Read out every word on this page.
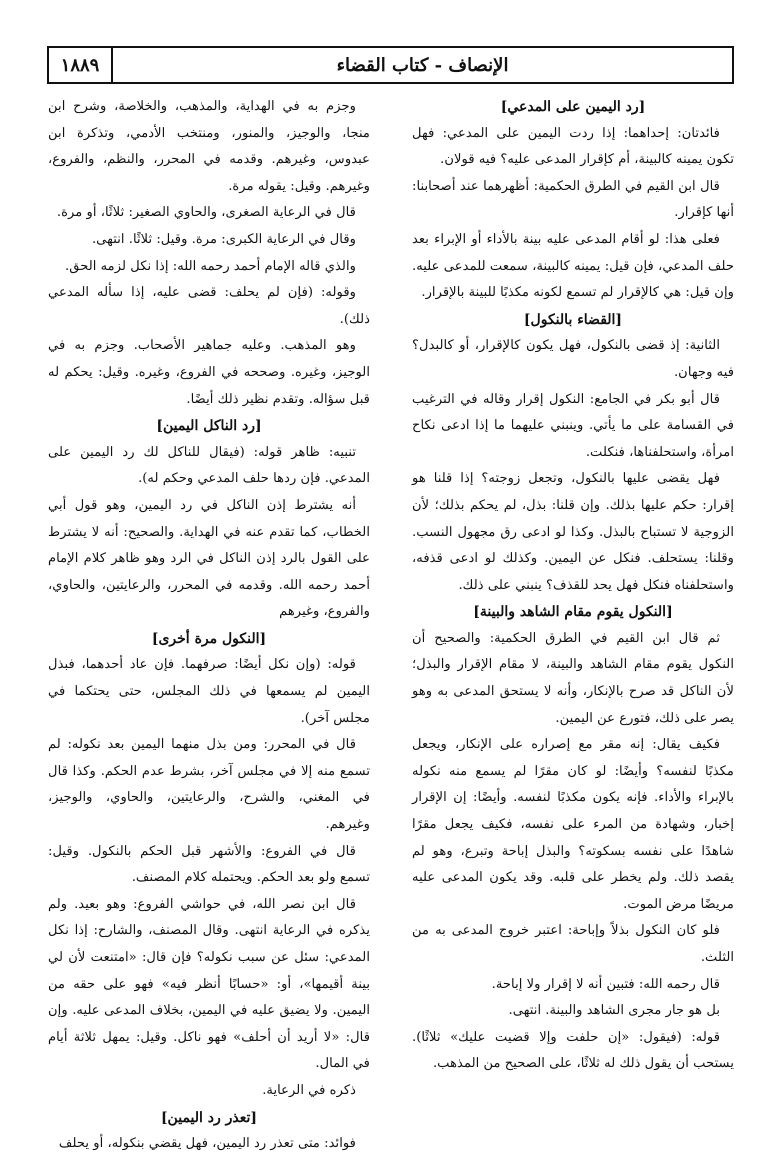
١٨٨٩	الإنصاف - كتاب القضاء
[رد اليمين على المدعي]

فائدتان: إحداهما: إذا ردت اليمين على المدعي: فهل تكون يمينه كالبينة، أم كإقرار المدعى عليه؟ فيه قولان.

قال ابن القيم في الطرق الحكمية: أظهرهما عند أصحابنا: أنها كإقرار.

فعلى هذا: لو أقام المدعى عليه بينة بالأداء أو الإبراء بعد حلف المدعي، فإن قيل: يمينه كالبينة، سمعت للمدعى عليه. وإن قيل: هي كالإقرار لم تسمع لكونه مكذبًا للبينة بالإقرار.

[القضاء بالنكول]

الثانية: إذ قضى بالنكول، فهل يكون كالإقرار، أو كالبدل؟ فيه وجهان.

قال أبو بكر في الجامع: النكول إقرار وقاله في الترغيب في القسامة على ما يأتي. وينبني عليهما ما إذا ادعى نكاح امرأة، واستحلفناها، فنكلت.

فهل يقضى عليها بالنكول، وتجعل زوجته؟ إذا قلنا هو إقرار: حكم عليها بذلك. وإن قلنا: بذل، لم يحكم بذلك؛ لأن الزوجية لا تستباح بالبذل. وكذا لو ادعى رق مجهول النسب. وقلنا: يستحلف. فنكل عن اليمين. وكذلك لو ادعى قذفه، واستحلفناه فنكل فهل يحد للقذف؟ ينبني على ذلك.

[النكول يقوم مقام الشاهد والبينة]

ثم قال ابن القيم في الطرق الحكمية: والصحيح أن النكول يقوم مقام الشاهد والبينة، لا مقام الإقرار والبذل؛ لأن الناكل قد صرح بالإنكار، وأنه لا يستحق المدعى به وهو يصر على ذلك، فتورع عن اليمين.

فكيف يقال: إنه مقر مع إصراره على الإنكار، ويجعل مكذبًا لنفسه؟ وأيضًا: لو كان مقرًا لم يسمع منه نكوله بالإبراء والأداء. فإنه يكون مكذبًا لنفسه. وأيضًا: إن الإقرار إخبار، وشهادة من المرء على نفسه، فكيف يجعل مقرًا شاهدًا على نفسه بسكوته؟ والبذل إباحة وتبرع، وهو لم يقصد ذلك. ولم يخطر على قلبه. وقد يكون المدعى عليه مريضًا مرض الموت.

فلو كان النكول بذلاً وإباحة: اعتبر خروج المدعى به من الثلث.

قال رحمه الله: فتبين أنه لا إقرار ولا إباحة.

بل هو جار مجرى الشاهد والبينة. انتهى.

قوله: (فيقول: «إن حلفت وإلا قضيت عليك» ثلاثًا). يستحب أن يقول ذلك له ثلاثًا، على الصحيح من المذهب.

وجزم به في الهداية، والمذهب، والخلاصة، وشرح ابن منجا، والوجيز، والمنور، ومنتخب الأدمي، وتذكرة ابن عبدوس، وغيرهم. وقدمه في المحرر، والنظم، والفروع، وغيرهم. وقيل: يقوله مرة.

قال في الرعاية الصغرى، والحاوي الصغير: ثلاثًا، أو مرة.

وقال في الرعاية الكبرى: مرة. وقيل: ثلاثًا. انتهى.

والذي قاله الإمام أحمد رحمه الله: إذا نكل لزمه الحق.

وقوله: (فإن لم يحلف: قضى عليه، إذا سأله المدعي ذلك).

وهو المذهب. وعليه جماهير الأصحاب. وجزم به في الوجيز، وغيره. وصححه في الفروع، وغيره. وقيل: يحكم له قبل سؤاله. وتقدم نظير ذلك أيضًا.

[رد الناكل اليمين]

تنبيه: ظاهر قوله: (فيقال للناكل لك رد اليمين على المدعي. فإن ردها حلف المدعي وحكم له).

أنه يشترط إذن الناكل في رد اليمين، وهو قول أبي الخطاب، كما تقدم عنه في الهداية. والصحيح: أنه لا يشترط على القول بالرد إذن الناكل في الرد وهو ظاهر كلام الإمام أحمد رحمه الله. وقدمه في المحرر، والرعايتين، والحاوي، والفروع، وغيرهم

[النكول مرة أخرى]

قوله: (وإن نكل أيضًا: صرفهما. فإن عاد أحدهما، فبذل اليمين لم يسمعها في ذلك المجلس، حتى يحتكما في مجلس آخر).

قال في المحرر: ومن بذل منهما اليمين بعد نكوله: لم تسمع منه إلا في مجلس آخر، بشرط عدم الحكم. وكذا قال في المغني، والشرح، والرعايتين، والحاوي، والوجيز، وغيرهم.

قال في الفروع: والأشهر قبل الحكم بالنكول. وقيل: تسمع ولو بعد الحكم. ويحتمله كلام المصنف.

قال ابن نصر الله، في حواشي الفروع: وهو بعيد. ولم يذكره في الرعاية انتهى. وقال المصنف، والشارح: إذا نكل المدعي: سئل عن سبب نكوله؟ فإن قال: «امتنعت لأن لي بينة أقيمها»، أو: «حسابًا أنظر فيه» فهو على حقه من اليمين. ولا يضيق عليه في اليمين، بخلاف المدعى عليه. وإن قال: «لا أريد أن أحلف» فهو ناكل. وقيل: يمهل ثلاثة أيام في المال.

ذكره في الرعاية.

[تعذر رد اليمين]

فوائد: متى تعذر رد اليمين، فهل يقضي بنكوله، أو يحلف
